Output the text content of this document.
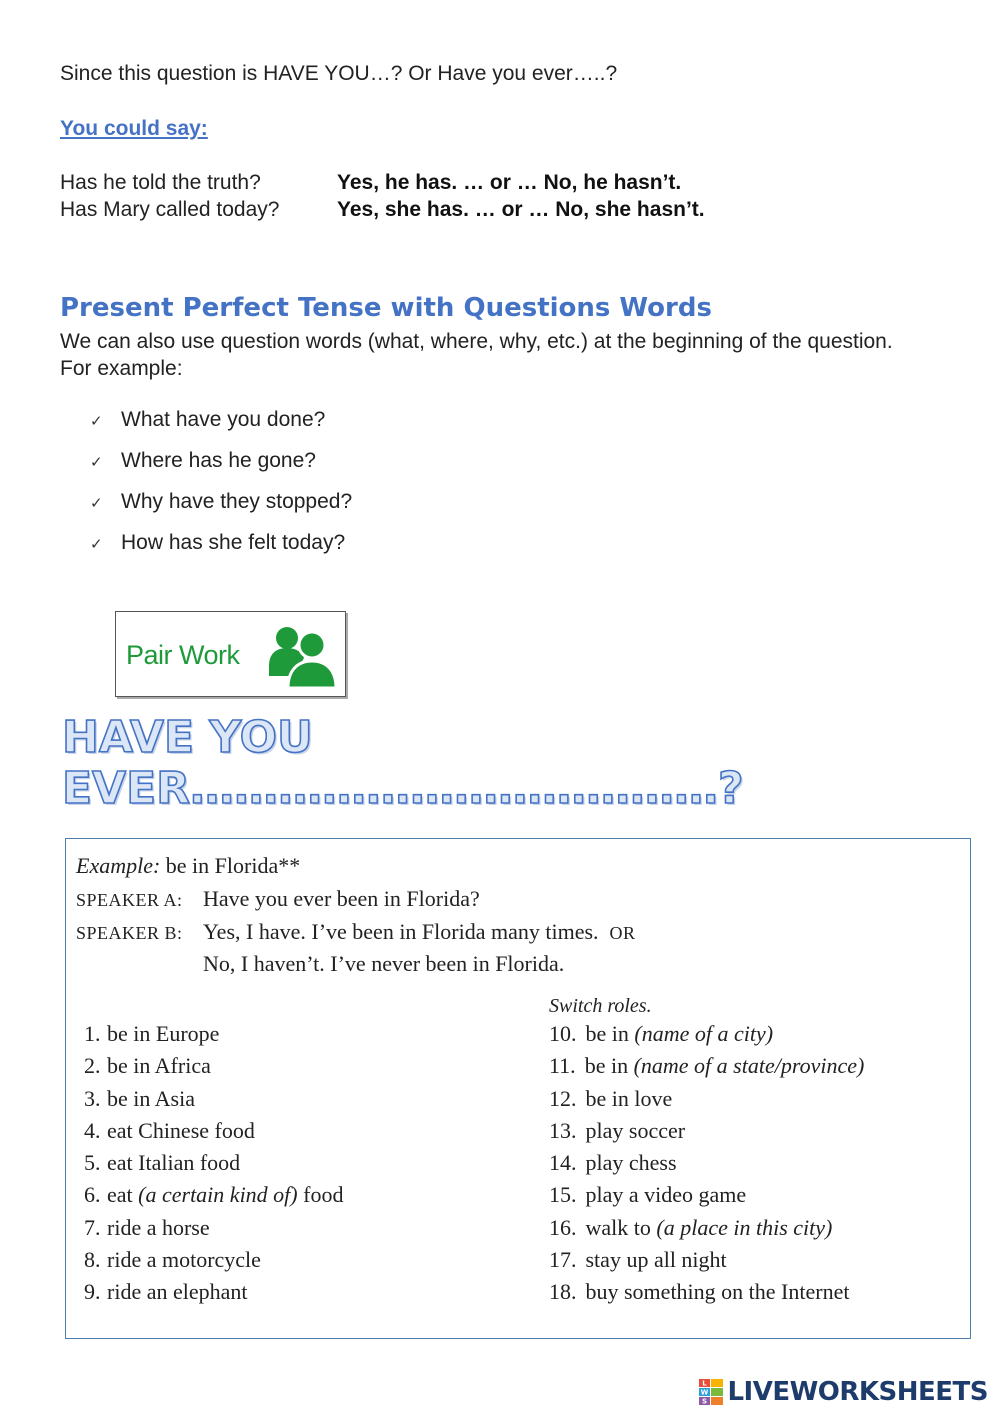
Since this question is HAVE YOU…? Or Have you ever…..?
You could say:
Has he told the truth?	Yes, he has. … or … No, he hasn’t.
Has Mary called today?	Yes, she has. … or … No, she hasn’t.
Present Perfect Tense with Questions Words
We can also use question words (what, where, why, etc.) at the beginning of the question. For example:
✓ What have you done?
✓ Where has he gone?
✓ Why have they stopped?
✓ How has she felt today?
Pair Work
HAVE YOU EVER………………………………?
Example: be in Florida**
SPEAKER A: Have you ever been in Florida?
SPEAKER B: Yes, I have. I’ve been in Florida many times. OR
No, I haven’t. I’ve never been in Florida.
Switch roles.
1. be in Europe
2. be in Africa
3. be in Asia
4. eat Chinese food
5. eat Italian food
6. eat (a certain kind of) food
7. ride a horse
8. ride a motorcycle
9. ride an elephant
10. be in (name of a city)
11. be in (name of a state/province)
12. be in love
13. play soccer
14. play chess
15. play a video game
16. walk to (a place in this city)
17. stay up all night
18. buy something on the Internet
L
W
S LIVEWORKSHEETS
